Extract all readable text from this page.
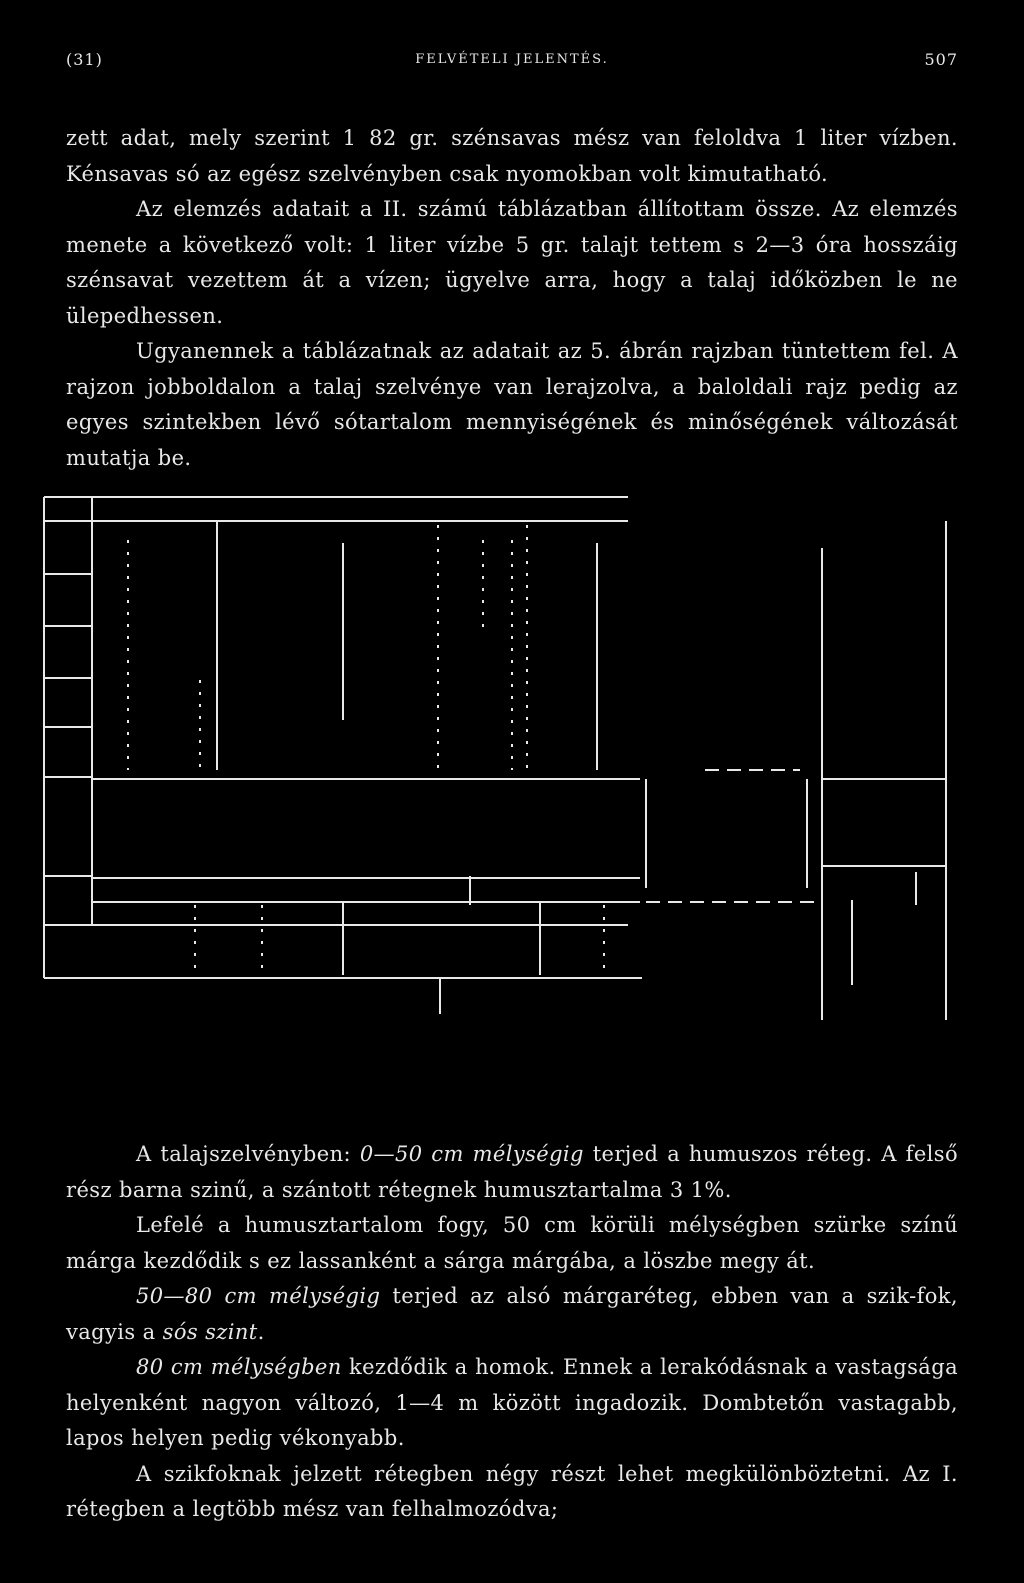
(31)	FELVÉTELI JELENTÉS.	507

zett adat, mely szerint 1 82 gr. szénsavas mész van feloldva 1 liter vízben. Kénsavas só az egész szelvényben csak nyomokban volt kimutatható.

Az elemzés adatait a II. számú táblázatban állítottam össze. Az elemzés menete a következő volt: 1 liter vízbe 5 gr. talajt tettem s 2—3 óra hosszáig szénsavat vezettem át a vízen; ügyelve arra, hogy a talaj időközben le ne ülepedhessen.

Ugyanennek a táblázatnak az adatait az 5. ábrán rajzban tüntettem fel. A rajzon jobboldalon a talaj szelvénye van lerajzolva, a baloldali rajz pedig az egyes szintekben lévő sótartalom mennyiségének és minőségének változását mutatja be.

A talajszelvényben: 0—50 cm mélységig terjed a humuszos réteg. A felső rész barna szinű, a szántott rétegnek humusztartalma 3 1%.

Lefelé a humusztartalom fogy, 50 cm körüli mélységben szürke színű márga kezdődik s ez lassanként a sárga márgába, a löszbe megy át.

50—80 cm mélységig terjed az alsó márgaréteg, ebben van a szik-fok, vagyis a sós szint.

80 cm mélységben kezdődik a homok. Ennek a lerakódásnak a vastagsága helyenként nagyon változó, 1—4 m között ingadozik. Dombtetőn vastagabb, lapos helyen pedig vékonyabb.

A szikfoknak jelzett rétegben négy részt lehet megkülönböztetni. Az I. rétegben a legtöbb mész van felhalmozódva;
